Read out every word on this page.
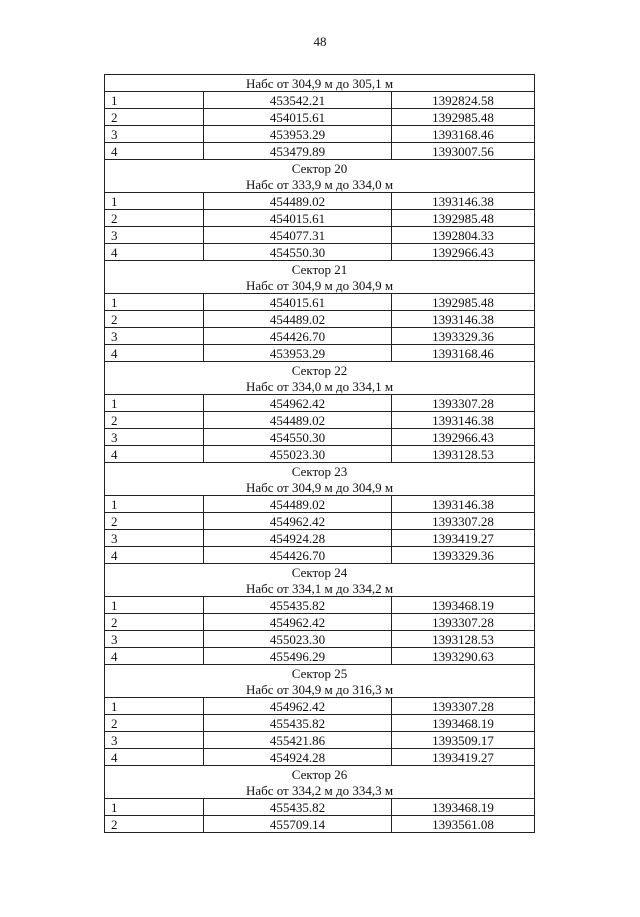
48
Набс от 304,9 м до 305,1 м		
1	453542.21	1392824.58
2	454015.61	1392985.48
3	453953.29	1393168.46
4	453479.89	1393007.56
Сектор 20		
Набс от 333,9 м до 334,0 м		
1	454489.02	1393146.38
2	454015.61	1392985.48
3	454077.31	1392804.33
4	454550.30	1392966.43
Сектор 21		
Набс от 304,9 м до 304,9 м		
1	454015.61	1392985.48
2	454489.02	1393146.38
3	454426.70	1393329.36
4	453953.29	1393168.46
Сектор 22		
Набс от 334,0 м до 334,1 м		
1	454962.42	1393307.28
2	454489.02	1393146.38
3	454550.30	1392966.43
4	455023.30	1393128.53
Сектор 23		
Набс от 304,9 м до 304,9 м		
1	454489.02	1393146.38
2	454962.42	1393307.28
3	454924.28	1393419.27
4	454426.70	1393329.36
Сектор 24		
Набс от 334,1 м до 334,2 м		
1	455435.82	1393468.19
2	454962.42	1393307.28
3	455023.30	1393128.53
4	455496.29	1393290.63
Сектор 25		
Набс от 304,9 м до 316,3 м		
1	454962.42	1393307.28
2	455435.82	1393468.19
3	455421.86	1393509.17
4	454924.28	1393419.27
Сектор 26		
Набс от 334,2 м до 334,3 м		
1	455435.82	1393468.19
2	455709.14	1393561.08
